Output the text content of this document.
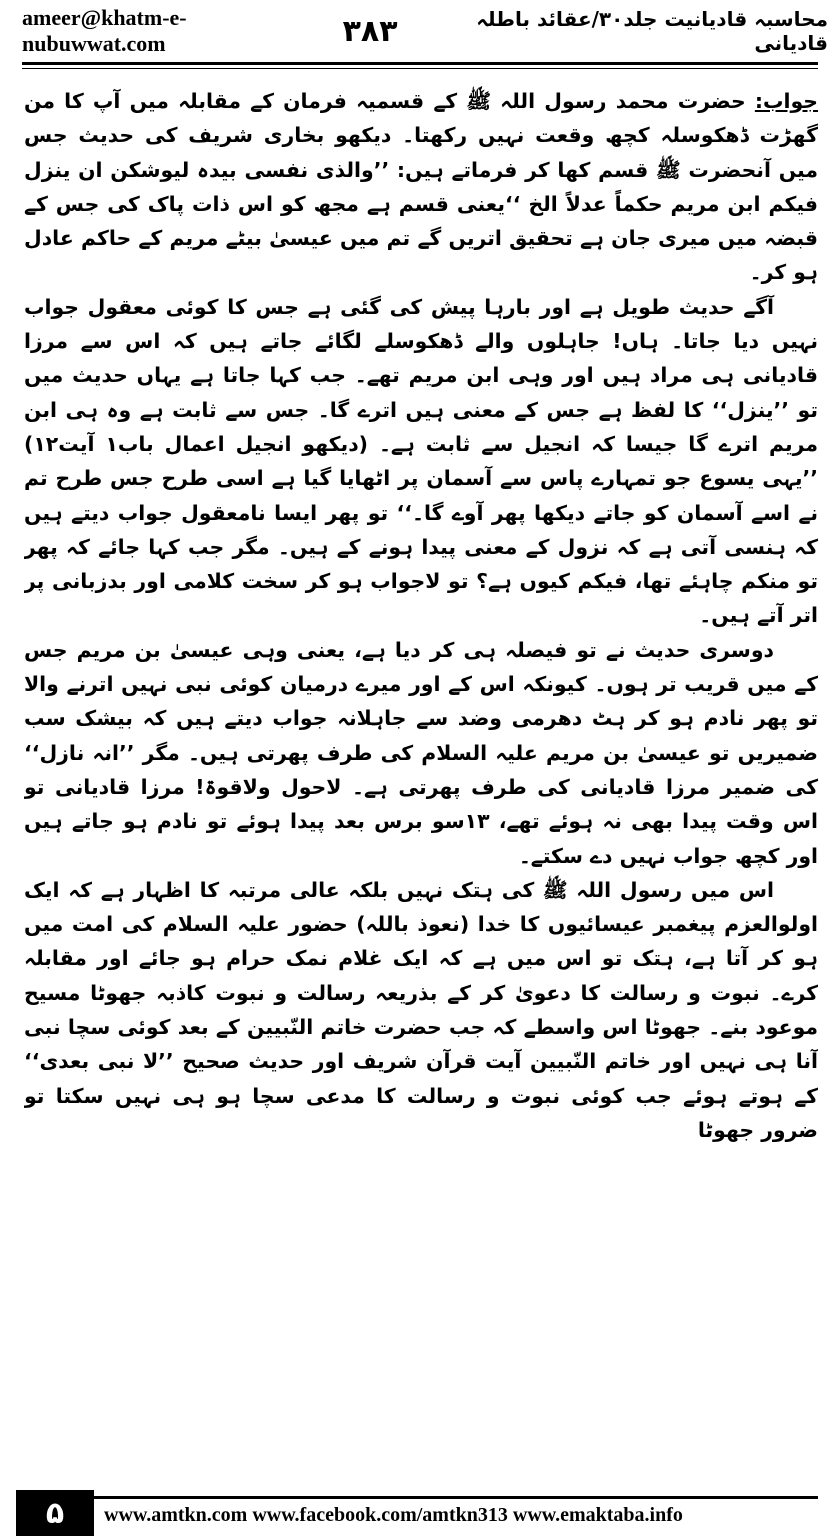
ameer@khatm-e-nubuwwat.com	۳۸۳	محاسبہ قادیانیت جلد۳۰/عقائد باطلہ قادیانی

جواب: حضرت محمد رسول اللہ ﷺ کے قسمیہ فرمان کے مقابلہ میں آپ کا من گھڑت ڈھکوسلہ کچھ وقعت نہیں رکھتا۔ دیکھو بخاری شریف کی حدیث جس میں آنحضرت ﷺ قسم کھا کر فرماتے ہیں: ’’والذی نفسی بیدہ لیوشکن ان ینزل فیکم ابن مریم حکماً عدلاً الخ ‘‘یعنی قسم ہے مجھ کو اس ذات پاک کی جس کے قبضہ میں میری جان ہے تحقیق اتریں گے تم میں عیسیٰ بیٹے مریم کے حاکم عادل ہو کر۔

آگے حدیث طویل ہے اور بارہا پیش کی گئی ہے جس کا کوئی معقول جواب نہیں دیا جاتا۔ ہاں! جاہلوں والے ڈھکوسلے لگائے جاتے ہیں کہ اس سے مرزا قادیانی ہی مراد ہیں اور وہی ابن مریم تھے۔ جب کہا جاتا ہے یہاں حدیث میں تو ’’ینزل‘‘ کا لفظ ہے جس کے معنی ہیں اترے گا۔ جس سے ثابت ہے وہ ہی ابن مریم اترے گا جیسا کہ انجیل سے ثابت ہے۔ (دیکھو انجیل اعمال باب۱ آیت۱۲) ’’یہی یسوع جو تمہارے پاس سے آسمان پر اٹھایا گیا ہے اسی طرح جس طرح تم نے اسے آسمان کو جاتے دیکھا پھر آوے گا۔‘‘ تو پھر ایسا نامعقول جواب دیتے ہیں کہ ہنسی آتی ہے کہ نزول کے معنی پیدا ہونے کے ہیں۔ مگر جب کہا جائے کہ پھر تو منکم چاہئے تھا، فیکم کیوں ہے؟ تو لاجواب ہو کر سخت کلامی اور بدزبانی پر اتر آتے ہیں۔

دوسری حدیث نے تو فیصلہ ہی کر دیا ہے، یعنی وہی عیسیٰ بن مریم جس کے میں قریب تر ہوں۔ کیونکہ اس کے اور میرے درمیان کوئی نبی نہیں اترنے والا تو پھر نادم ہو کر ہٹ دھرمی وضد سے جاہلانہ جواب دیتے ہیں کہ بیشک سب ضمیریں تو عیسیٰ بن مریم علیہ السلام کی طرف پھرتی ہیں۔ مگر ’’انہ نازل‘‘ کی ضمیر مرزا قادیانی کی طرف پھرتی ہے۔ لاحول ولاقوۃ! مرزا قادیانی تو اس وقت پیدا بھی نہ ہوئے تھے، ۱۳سو برس بعد پیدا ہوئے تو نادم ہو جاتے ہیں اور کچھ جواب نہیں دے سکتے۔

اس میں رسول اللہ ﷺ کی ہتک نہیں بلکہ عالی مرتبہ کا اظہار ہے کہ ایک اولوالعزم پیغمبر عیسائیوں کا خدا (نعوذ باللہ) حضور علیہ السلام کی امت میں ہو کر آتا ہے، ہتک تو اس میں ہے کہ ایک غلام نمک حرام ہو جائے اور مقابلہ کرے۔ نبوت و رسالت کا دعویٰ کر کے بذریعہ رسالت و نبوت کاذبہ جھوٹا مسیح موعود بنے۔ جھوٹا اس واسطے کہ جب حضرت خاتم النّبیین کے بعد کوئی سچا نبی آنا ہی نہیں اور خاتم النّبیین آیت قرآن شریف اور حدیث صحیح ’’لا نبی بعدی‘‘ کے ہوتے ہوئے جب کوئی نبوت و رسالت کا مدعی سچا ہو ہی نہیں سکتا تو ضرور جھوٹا

۵	www.amtkn.com www.facebook.com/amtkn313 www.emaktaba.info
